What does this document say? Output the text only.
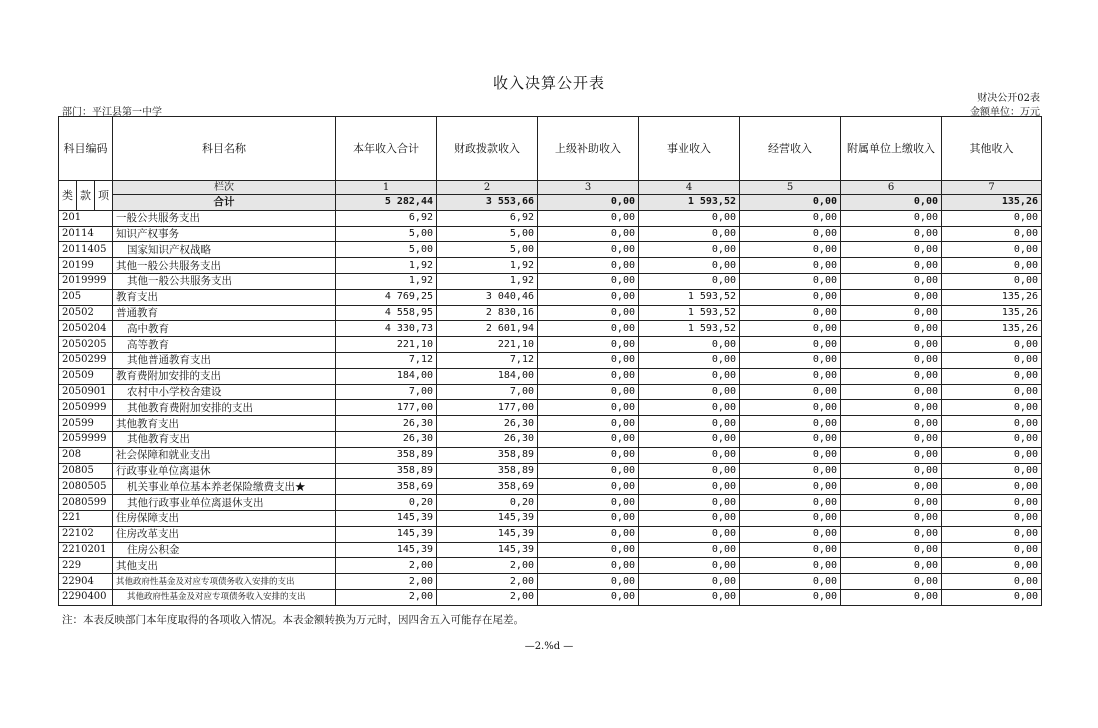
收入决算公开表
财决公开02表
部门：平江县第一中学	金额单位：万元
科目编码			科目名称	本年收入合计	财政拨款收入	上级补助收入	事业收入	经营收入	附属单位上缴收入	其他收入
类	款	项	栏次	1	2	3	4	5	6	7
			合计	5 282,44	3 553,66	0,00	1 593,52	0,00	0,00	135,26
201			一般公共服务支出	6,92	6,92	0,00	0,00	0,00	0,00	0,00
20114			知识产权事务	5,00	5,00	0,00	0,00	0,00	0,00	0,00
2011405			国家知识产权战略	5,00	5,00	0,00	0,00	0,00	0,00	0,00
20199			其他一般公共服务支出	1,92	1,92	0,00	0,00	0,00	0,00	0,00
2019999			其他一般公共服务支出	1,92	1,92	0,00	0,00	0,00	0,00	0,00
205			教育支出	4 769,25	3 040,46	0,00	1 593,52	0,00	0,00	135,26
20502			普通教育	4 558,95	2 830,16	0,00	1 593,52	0,00	0,00	135,26
2050204			高中教育	4 330,73	2 601,94	0,00	1 593,52	0,00	0,00	135,26
2050205			高等教育	221,10	221,10	0,00	0,00	0,00	0,00	0,00
2050299			其他普通教育支出	7,12	7,12	0,00	0,00	0,00	0,00	0,00
20509			教育费附加安排的支出	184,00	184,00	0,00	0,00	0,00	0,00	0,00
2050901			农村中小学校舍建设	7,00	7,00	0,00	0,00	0,00	0,00	0,00
2050999			其他教育费附加安排的支出	177,00	177,00	0,00	0,00	0,00	0,00	0,00
20599			其他教育支出	26,30	26,30	0,00	0,00	0,00	0,00	0,00
2059999			其他教育支出	26,30	26,30	0,00	0,00	0,00	0,00	0,00
208			社会保障和就业支出	358,89	358,89	0,00	0,00	0,00	0,00	0,00
20805			行政事业单位离退休	358,89	358,89	0,00	0,00	0,00	0,00	0,00
2080505			机关事业单位基本养老保险缴费支出★	358,69	358,69	0,00	0,00	0,00	0,00	0,00
2080599			其他行政事业单位离退休支出	0,20	0,20	0,00	0,00	0,00	0,00	0,00
221			住房保障支出	145,39	145,39	0,00	0,00	0,00	0,00	0,00
22102			住房改革支出	145,39	145,39	0,00	0,00	0,00	0,00	0,00
2210201			住房公积金	145,39	145,39	0,00	0,00	0,00	0,00	0,00
229			其他支出	2,00	2,00	0,00	0,00	0,00	0,00	0,00
22904			其他政府性基金及对应专项债务收入安排的支出	2,00	2,00	0,00	0,00	0,00	0,00	0,00
2290400			其他政府性基金及对应专项债务收入安排的支出	2,00	2,00	0,00	0,00	0,00	0,00	0,00
注：本表反映部门本年度取得的各项收入情况。本表金额转换为万元时，因四舍五入可能存在尾差。
—2.%d —
